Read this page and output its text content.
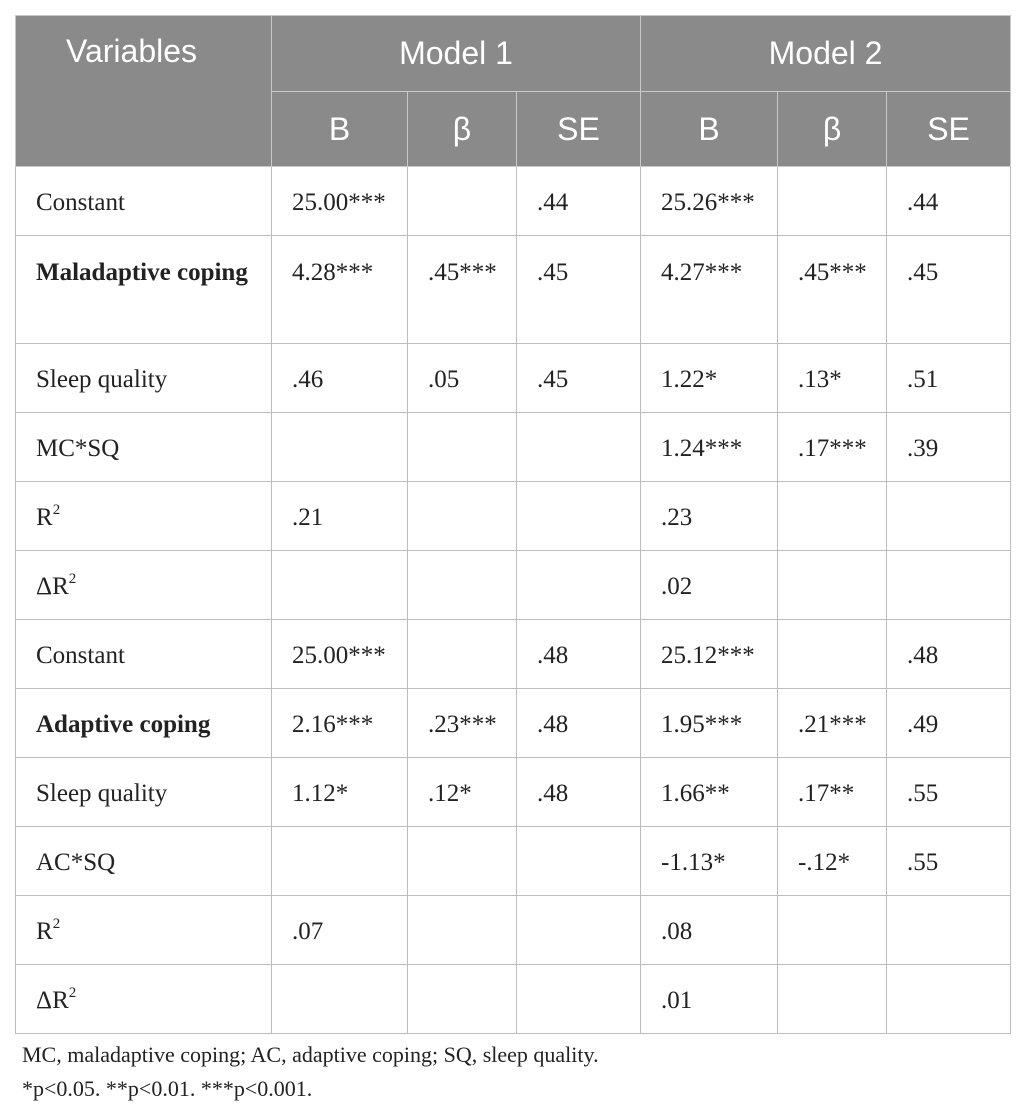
Variables	Model 1			Model 2		
	B	β	SE	B	β	SE
Constant	25.00***		.44	25.26***		.44
Maladaptive coping	4.28***	.45***	.45	4.27***	.45***	.45
Sleep quality	.46	.05	.45	1.22*	.13*	.51
MC*SQ				1.24***	.17***	.39
$R^2$	.21			.23		
$\Delta R^2$				.02		
Constant	25.00***		.48	25.12***		.48
Adaptive coping	2.16***	.23***	.48	1.95***	.21***	.49
Sleep quality	1.12*	.12*	.48	1.66**	.17**	.55
AC*SQ				-1.13*	-.12*	.55
$R^2$	.07			.08		
$\Delta R^2$				.01		
MC, maladaptive coping; AC, adaptive coping; SQ, sleep quality.
*p<0.05. **p<0.01. ***p<0.001.
